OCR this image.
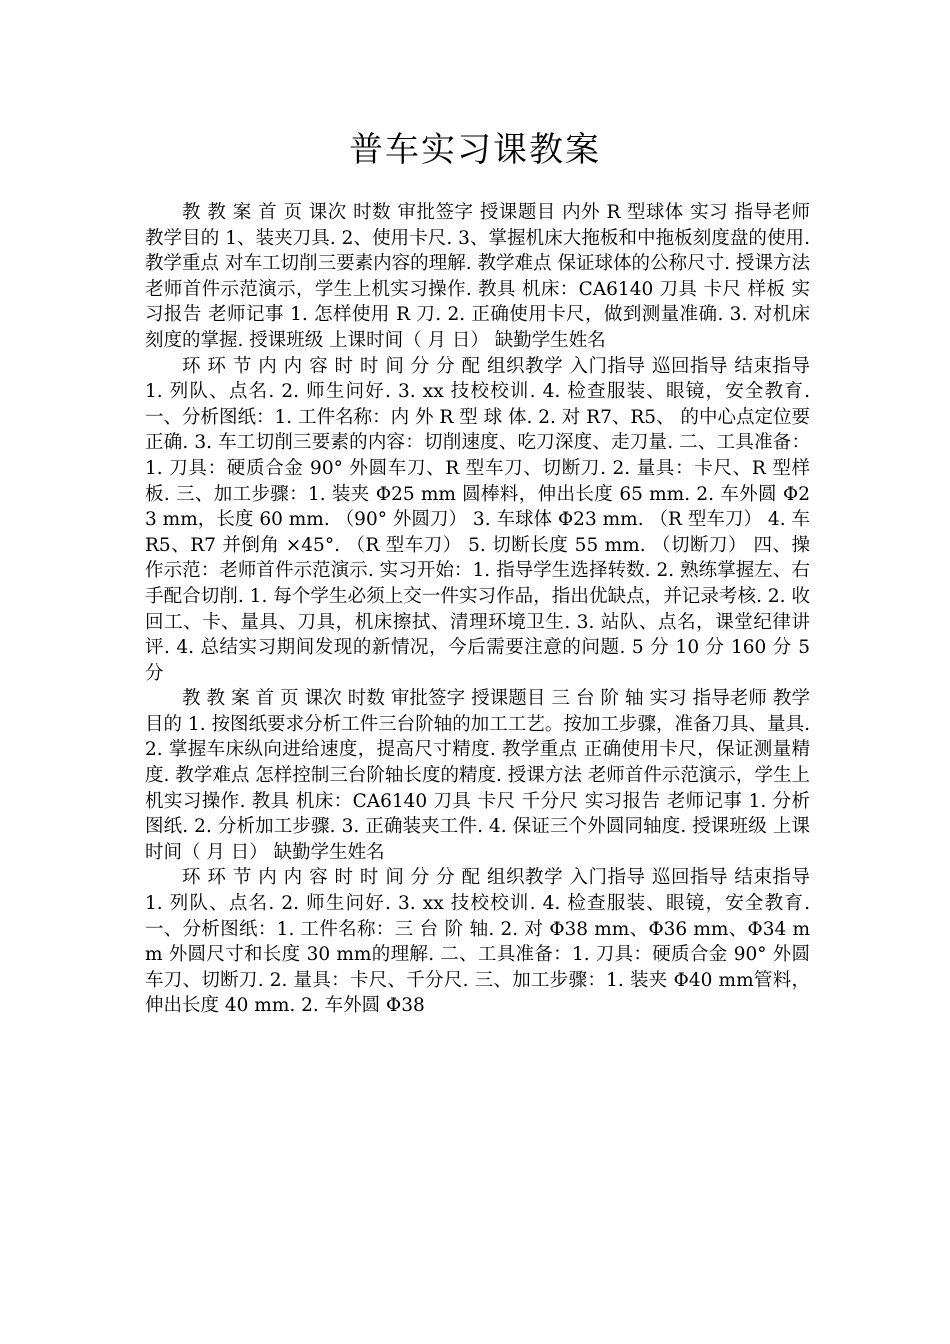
普车实习课教案

教 教 案 首 页 课次 时数 审批签字 授课题目 内外 R 型球体 实习 指导老师 教学目的 1、装夹刀具. 2、使用卡尺. 3、掌握机床大拖板和中拖板刻度盘的使用. 教学重点 对车工切削三要素内容的理解. 教学难点 保证球体的公称尺寸. 授课方法 老师首件示范演示，学生上机实习操作. 教具 机床：CA6140 刀具 卡尺 样板 实习报告 老师记事 1. 怎样使用 R 刀. 2. 正确使用卡尺，做到测量准确. 3. 对机床刻度的掌握. 授课班级 上课时间（ 月 日） 缺勤学生姓名

环 环 节 内 内 容 时 时 间 分 分 配 组织教学 入门指导 巡回指导 结束指导 1. 列队、点名. 2. 师生问好. 3. xx 技校校训. 4. 检查服装、眼镜，安全教育. 一、分析图纸：1. 工件名称：内 外 R 型 球 体. 2. 对 R7、R5、 的中心点定位要正确. 3. 车工切削三要素的内容：切削速度、吃刀深度、走刀量. 二、工具准备：1. 刀具：硬质合金 90° 外圆车刀、R 型车刀、切断刀. 2. 量具：卡尺、R 型样板. 三、加工步骤：1. 装夹 Φ25 mm 圆棒料，伸出长度 65 mm. 2. 车外圆 Φ23 mm，长度 60 mm. （90° 外圆刀） 3. 车球体 Φ23 mm. （R 型车刀） 4. 车 R5、R7 并倒角 ×45°. （R 型车刀） 5. 切断长度 55 mm. （切断刀） 四、操作示范：老师首件示范演示. 实习开始：1. 指导学生选择转数. 2. 熟练掌握左、右手配合切削. 1. 每个学生必须上交一件实习作品，指出优缺点，并记录考核. 2. 收回工、卡、量具、刀具，机床擦拭、清理环境卫生. 3. 站队、点名，课堂纪律讲评. 4. 总结实习期间发现的新情况，今后需要注意的问题. 5 分 10 分 160 分 5 分

教 教 案 首 页 课次 时数 审批签字 授课题目 三 台 阶 轴 实习 指导老师 教学目的 1. 按图纸要求分析工件三台阶轴的加工工艺。按加工步骤，准备刀具、量具. 2. 掌握车床纵向进给速度，提高尺寸精度. 教学重点 正确使用卡尺，保证测量精度. 教学难点 怎样控制三台阶轴长度的精度. 授课方法 老师首件示范演示，学生上机实习操作. 教具 机床：CA6140 刀具 卡尺 千分尺 实习报告 老师记事 1. 分析图纸. 2. 分析加工步骤. 3. 正确装夹工件. 4. 保证三个外圆同轴度. 授课班级 上课时间（ 月 日） 缺勤学生姓名

环 环 节 内 内 容 时 时 间 分 分 配 组织教学 入门指导 巡回指导 结束指导 1. 列队、点名. 2. 师生问好. 3. xx 技校校训. 4. 检查服装、眼镜，安全教育. 一、分析图纸：1. 工件名称：三 台 阶 轴. 2. 对 Φ38 mm、Φ36 mm、Φ34 mm 外圆尺寸和长度 30 mm的理解. 二、工具准备：1. 刀具：硬质合金 90° 外圆车刀、切断刀. 2. 量具：卡尺、千分尺. 三、加工步骤：1. 装夹 Φ40 mm管料，伸出长度 40 mm. 2. 车外圆 Φ38
